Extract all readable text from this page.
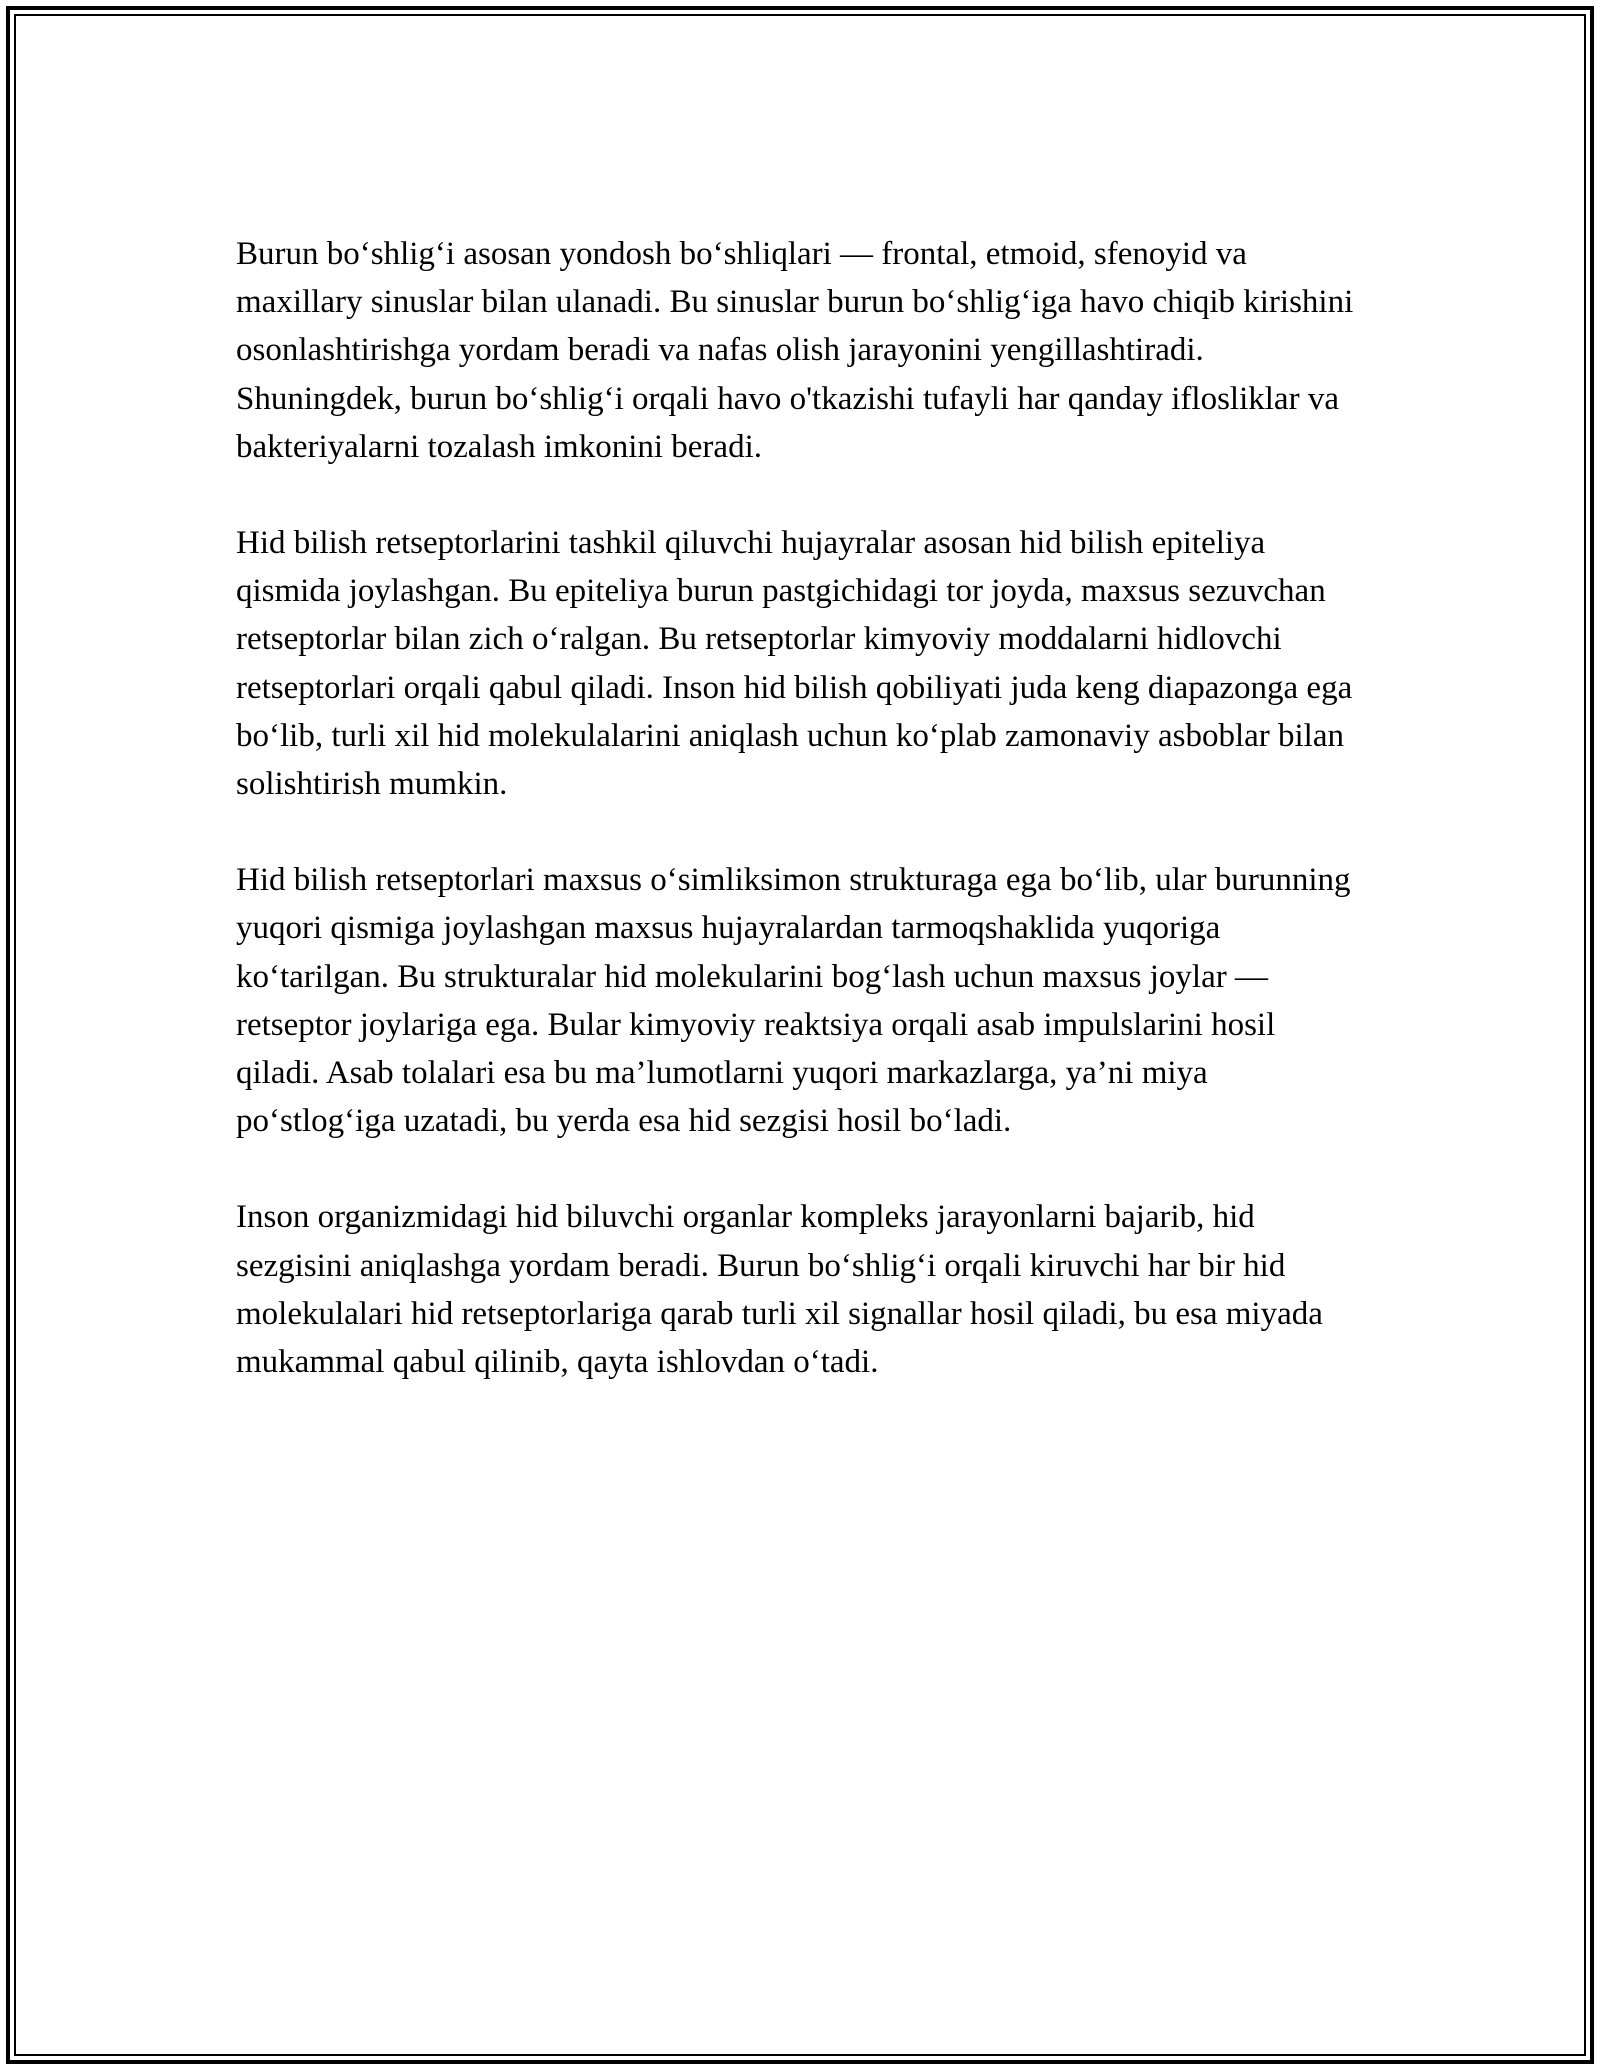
Burun bo‘shlig‘i asosan yondosh bo‘shliqlari — frontal, etmoid, sfenoyid va maxillary sinuslar bilan ulanadi. Bu sinuslar burun bo‘shlig‘iga havo chiqib kirishini osonlashtirishga yordam beradi va nafas olish jarayonini yengillashtiradi. Shuningdek, burun bo‘shlig‘i orqali havo o'tkazishi tufayli har qanday iflosliklar va bakteriyalarni tozalash imkonini beradi.

Hid bilish retseptorlarini tashkil qiluvchi hujayralar asosan hid bilish epiteliya qismida joylashgan. Bu epiteliya burun pastgichidagi tor joyda, maxsus sezuvchan retseptorlar bilan zich o‘ralgan. Bu retseptorlar kimyoviy moddalarni hidlovchi retseptorlari orqali qabul qiladi. Inson hid bilish qobiliyati juda keng diapazonga ega bo‘lib, turli xil hid molekulalarini aniqlash uchun ko‘plab zamonaviy asboblar bilan solishtirish mumkin.

Hid bilish retseptorlari maxsus o‘simliksimon strukturaga ega bo‘lib, ular burunning yuqori qismiga joylashgan maxsus hujayralardan tarmoqshaklida yuqoriga ko‘tarilgan. Bu strukturalar hid molekularini bog‘lash uchun maxsus joylar — retseptor joylariga ega. Bular kimyoviy reaktsiya orqali asab impulslarini hosil qiladi. Asab tolalari esa bu ma’lumotlarni yuqori markazlarga, ya’ni miya po‘stlog‘iga uzatadi, bu yerda esa hid sezgisi hosil bo‘ladi.

Inson organizmidagi hid biluvchi organlar kompleks jarayonlarni bajarib, hid sezgisini aniqlashga yordam beradi. Burun bo‘shlig‘i orqali kiruvchi har bir hid molekulalari hid retseptorlariga qarab turli xil signallar hosil qiladi, bu esa miyada mukammal qabul qilinib, qayta ishlovdan o‘tadi.
